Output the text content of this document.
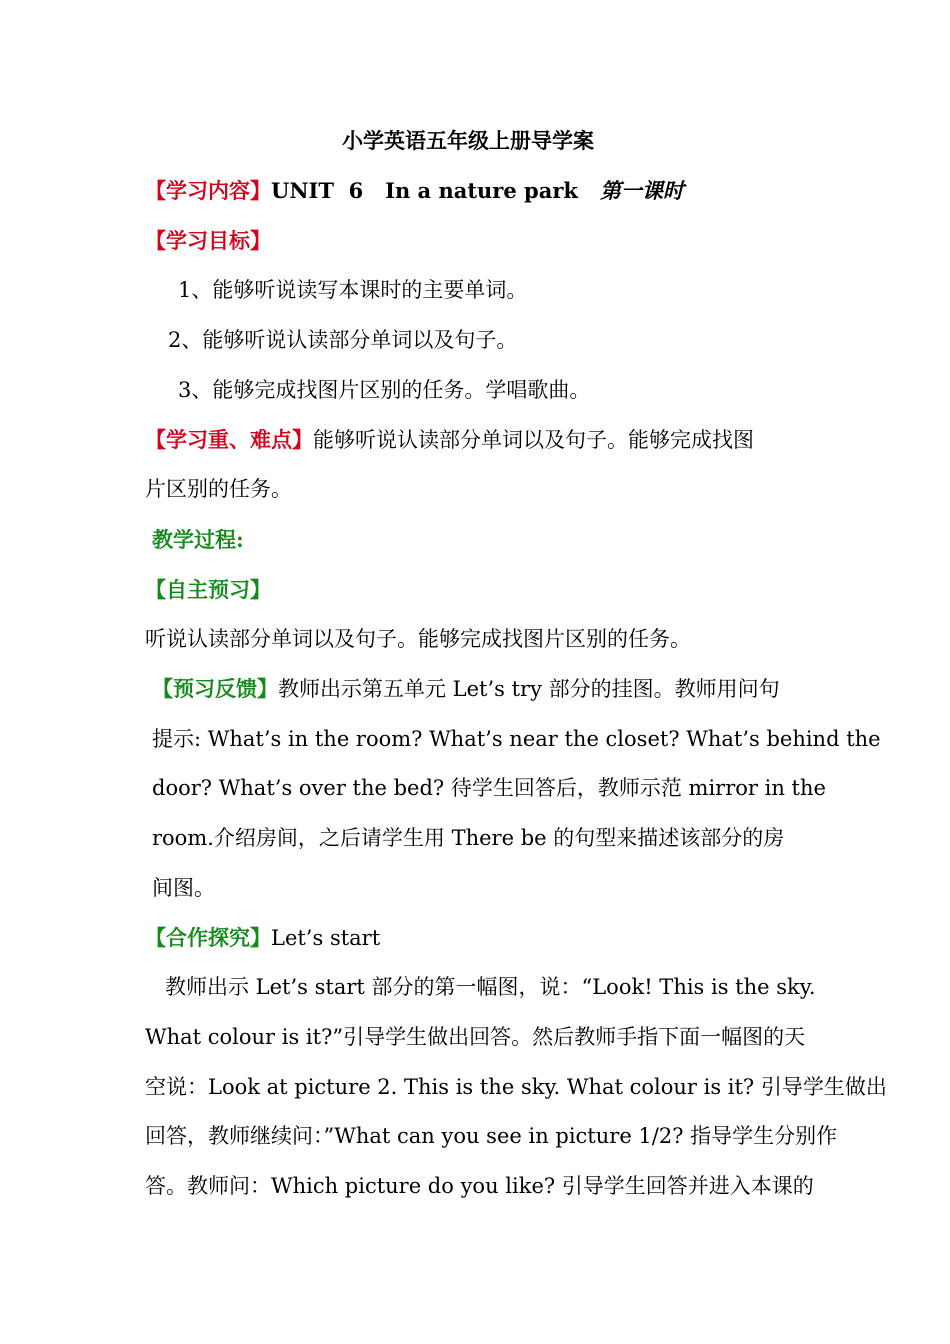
小学英语五年级上册导学案
【学习内容】UNIT  6   In a nature park 第一课时
【学习目标】
1、能够听说读写本课时的主要单词。
2、能够听说认读部分单词以及句子。
3、能够完成找图片区别的任务。学唱歌曲。
【学习重、难点】能够听说认读部分单词以及句子。能够完成找图
片区别的任务。
教学过程:
【自主预习】
听说认读部分单词以及句子。能够完成找图片区别的任务。
【预习反馈】教师出示第五单元 Let’s try 部分的挂图。教师用问句
提示: What’s in the room? What’s near the closet? What’s behind the
door? What’s over the bed? 待学生回答后，教师示范 mirror in the
room.介绍房间，之后请学生用 There be 的句型来描述该部分的房
间图。
【合作探究】Let’s start
教师出示 Let’s start 部分的第一幅图，说：“Look! This is the sky.
What colour is it?”引导学生做出回答。然后教师手指下面一幅图的天
空说：Look at picture 2. This is the sky. What colour is it? 引导学生做出
回答，教师继续问：”What can you see in picture 1/2? 指导学生分别作
答。教师问：Which picture do you like? 引导学生回答并进入本课的
